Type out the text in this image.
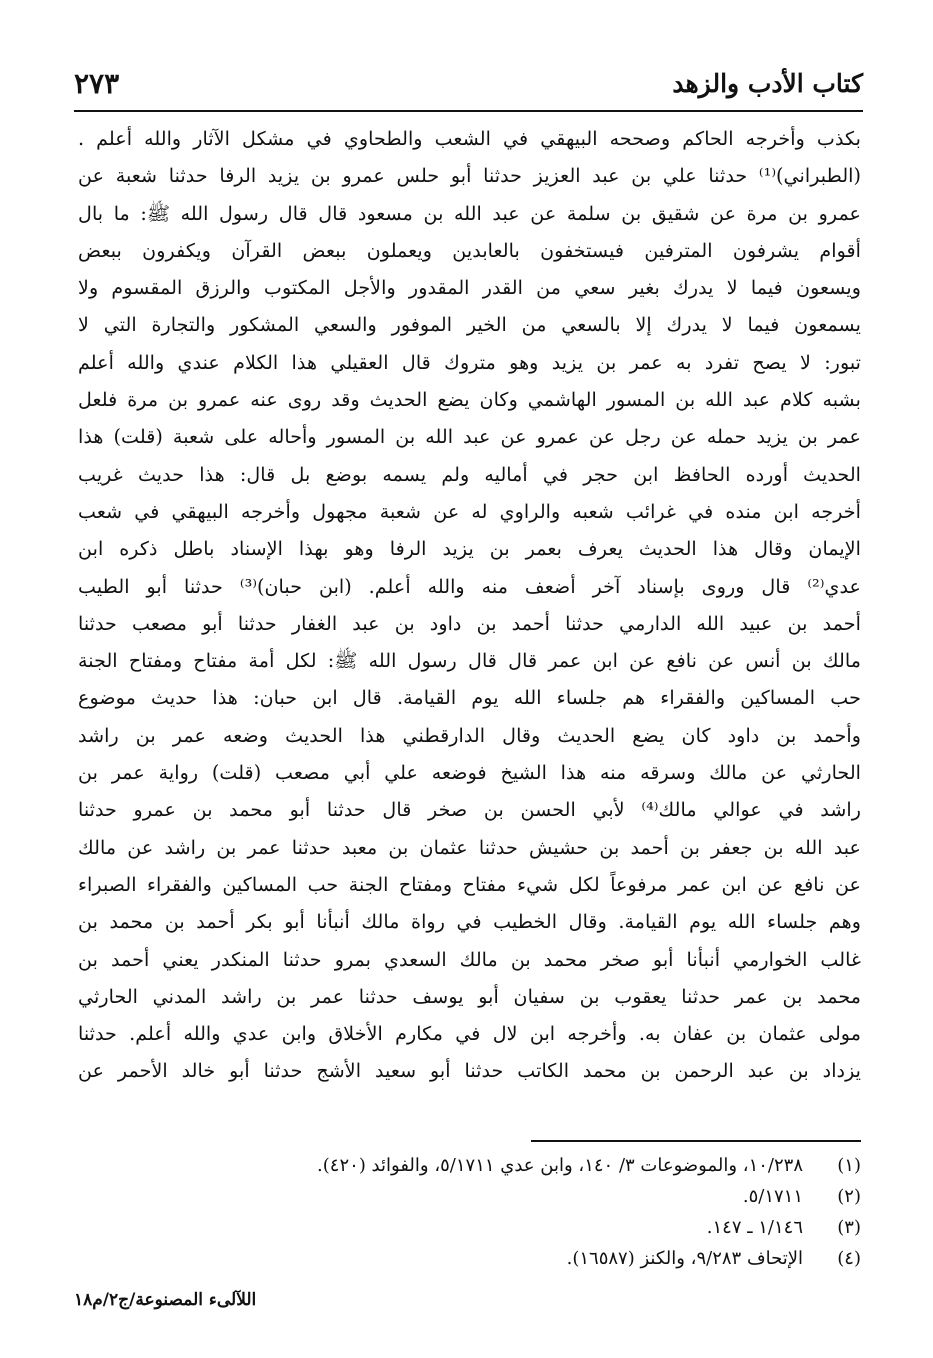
كتاب الأدب والزهد
٢٧٣
بكذب وأخرجه الحاكم وصححه البيهقي في الشعب والطحاوي في مشكل الآثار والله أعلم .
(الطبراني)⁽¹⁾ حدثنا علي بن عبد العزيز حدثنا أبو حلس عمرو بن يزيد الرفا حدثنا شعبة عن
عمرو بن مرة عن شقيق بن سلمة عن عبد الله بن مسعود قال قال رسول الله ﷺ: ما بال
أقوام يشرفون المترفين فيستخفون بالعابدين ويعملون ببعض القرآن ويكفرون ببعض
ويسعون فيما لا يدرك بغير سعي من القدر المقدور والأجل المكتوب والرزق المقسوم ولا
يسمعون فيما لا يدرك إلا بالسعي من الخير الموفور والسعي المشكور والتجارة التي لا
تبور: لا يصح تفرد به عمر بن يزيد وهو متروك قال العقيلي هذا الكلام عندي والله أعلم
بشبه كلام عبد الله بن المسور الهاشمي وكان يضع الحديث وقد روى عنه عمرو بن مرة فلعل
عمر بن يزيد حمله عن رجل عن عمرو عن عبد الله بن المسور وأحاله على شعبة (قلت) هذا
الحديث أورده الحافظ ابن حجر في أماليه ولم يسمه بوضع بل قال: هذا حديث غريب
أخرجه ابن منده في غرائب شعبه والراوي له عن شعبة مجهول وأخرجه البيهقي في شعب
الإيمان وقال هذا الحديث يعرف بعمر بن يزيد الرفا وهو بهذا الإسناد باطل ذكره ابن
عدي⁽²⁾ قال وروى بإسناد آخر أضعف منه والله أعلم. (ابن حبان)⁽³⁾ حدثنا أبو الطيب
أحمد بن عبيد الله الدارمي حدثنا أحمد بن داود بن عبد الغفار حدثنا أبو مصعب حدثنا
مالك بن أنس عن نافع عن ابن عمر قال قال رسول الله ﷺ: لكل أمة مفتاح ومفتاح الجنة
حب المساكين والفقراء هم جلساء الله يوم القيامة. قال ابن حبان: هذا حديث موضوع
وأحمد بن داود كان يضع الحديث وقال الدارقطني هذا الحديث وضعه عمر بن راشد
الحارثي عن مالك وسرقه منه هذا الشيخ فوضعه علي أبي مصعب (قلت) رواية عمر بن
راشد في عوالي مالك⁽⁴⁾ لأبي الحسن بن صخر قال حدثنا أبو محمد بن عمرو حدثنا
عبد الله بن جعفر بن أحمد بن حشيش حدثنا عثمان بن معبد حدثنا عمر بن راشد عن مالك
عن نافع عن ابن عمر مرفوعاً لكل شيء مفتاح ومفتاح الجنة حب المساكين والفقراء الصبراء
وهم جلساء الله يوم القيامة. وقال الخطيب في رواة مالك أنبأنا أبو بكر أحمد بن محمد بن
غالب الخوارمي أنبأنا أبو صخر محمد بن مالك السعدي بمرو حدثنا المنكدر يعني أحمد بن
محمد بن عمر حدثنا يعقوب بن سفيان أبو يوسف حدثنا عمر بن راشد المدني الحارثي
مولى عثمان بن عفان به. وأخرجه ابن لال في مكارم الأخلاق وابن عدي والله أعلم. حدثنا
يزداد بن عبد الرحمن بن محمد الكاتب حدثنا أبو سعيد الأشج حدثنا أبو خالد الأحمر عن
(١)
١٠/٢٣٨، والموضوعات ٣/ ١٤٠، وابن عدي ٥/١٧١١، والفوائد (٤٢٠).
(٢)
٥/١٧١١.
(٣)
١/١٤٦ ـ ١٤٧.
(٤)
الإتحاف ٩/٢٨٣، والكنز (١٦٥٨٧).
اللآلىء المصنوعة/ج٢/م١٨
